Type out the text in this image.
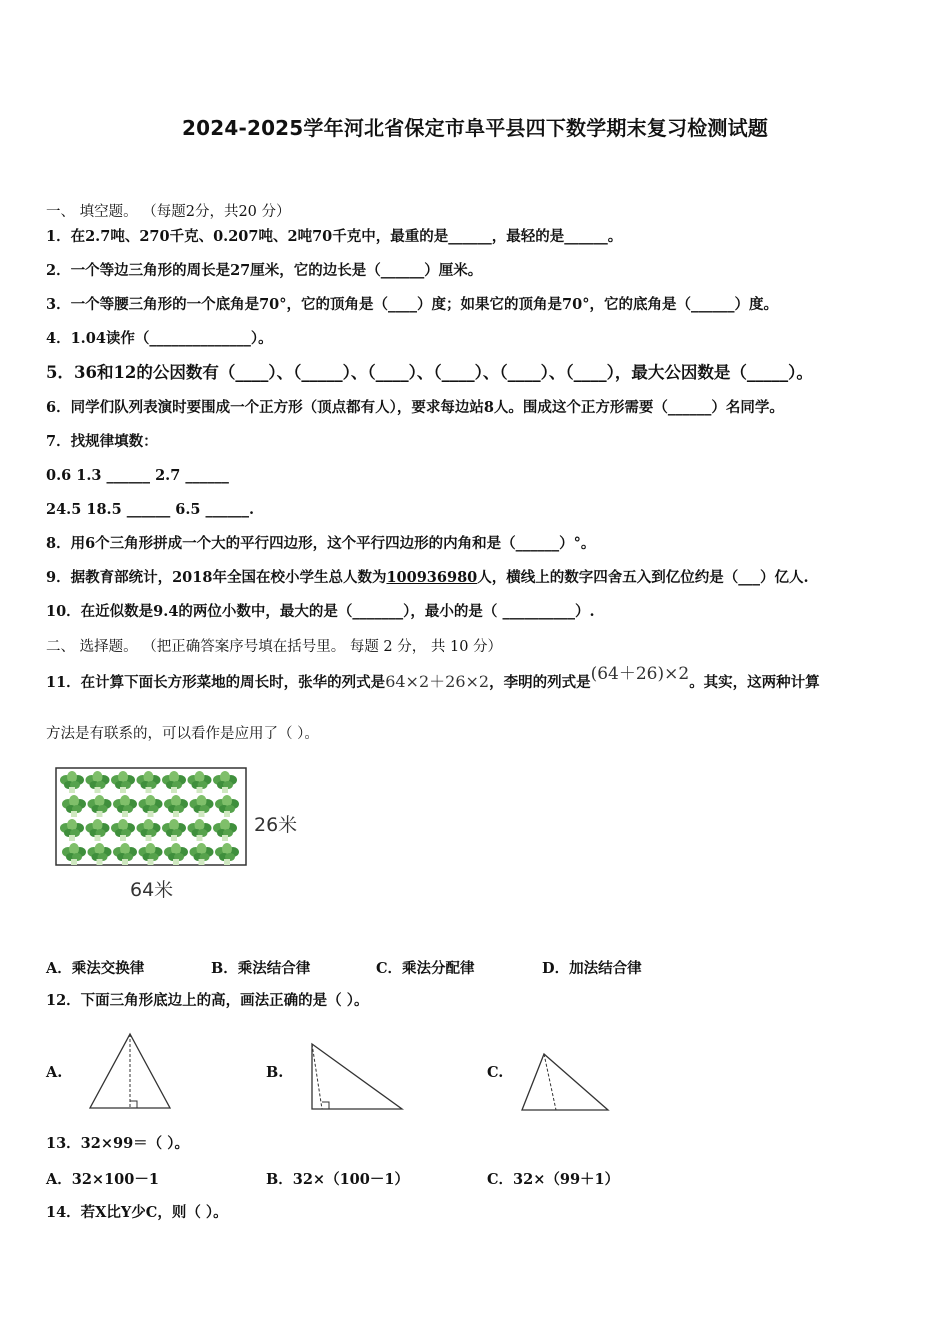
2024-2025学年河北省保定市阜平县四下数学期末复习检测试题
一、 填空题。 （每题2分，共20 分）
1．在2.7吨、270千克、0.207吨、2吨70千克中，最重的是______，最轻的是______。
2．一个等边三角形的周长是27厘米，它的边长是（______）厘米。
3．一个等腰三角形的一个底角是70°，它的顶角是（____）度；如果它的顶角是70°，它的底角是（______）度。
4．1.04读作（______________）。
5．36和12的公因数有（____）、（_____）、（____）、（____）、（____）、（____），最大公因数是（_____）。
6．同学们队列表演时要围成一个正方形（顶点都有人），要求每边站8人。围成这个正方形需要（______）名同学。
7．找规律填数：
0.6 1.3 ______ 2.7 ______
24.5 18.5 ______ 6.5 ______.
8．用6个三角形拼成一个大的平行四边形，这个平行四边形的内角和是（______）°。
9．据教育部统计，2018年全国在校小学生总人数为100936980人，横线上的数字四舍五入到亿位约是（___）亿人.
10．在近似数是9.4的两位小数中，最大的是（_______），最小的是（ __________）.
二、 选择题。 （把正确答案序号填在括号里。 每题 2 分， 共 10 分）
11．在计算下面长方形菜地的周长时，张华的列式是64×2＋26×2，李明的列式是(64＋26)×2。其实，这两种计算
方法是有联系的，可以看作是应用了（ ）。
26米
64米
A．乘法交换律	B．乘法结合律	C．乘法分配律	D．加法结合律
12．下面三角形底边上的高，画法正确的是（ ）。
A.	B.	C.
13．32×99＝（ ）。
A．32×100－1	B．32×（100－1）	C．32×（99＋1）
14．若X比Y少C，则（ ）。
